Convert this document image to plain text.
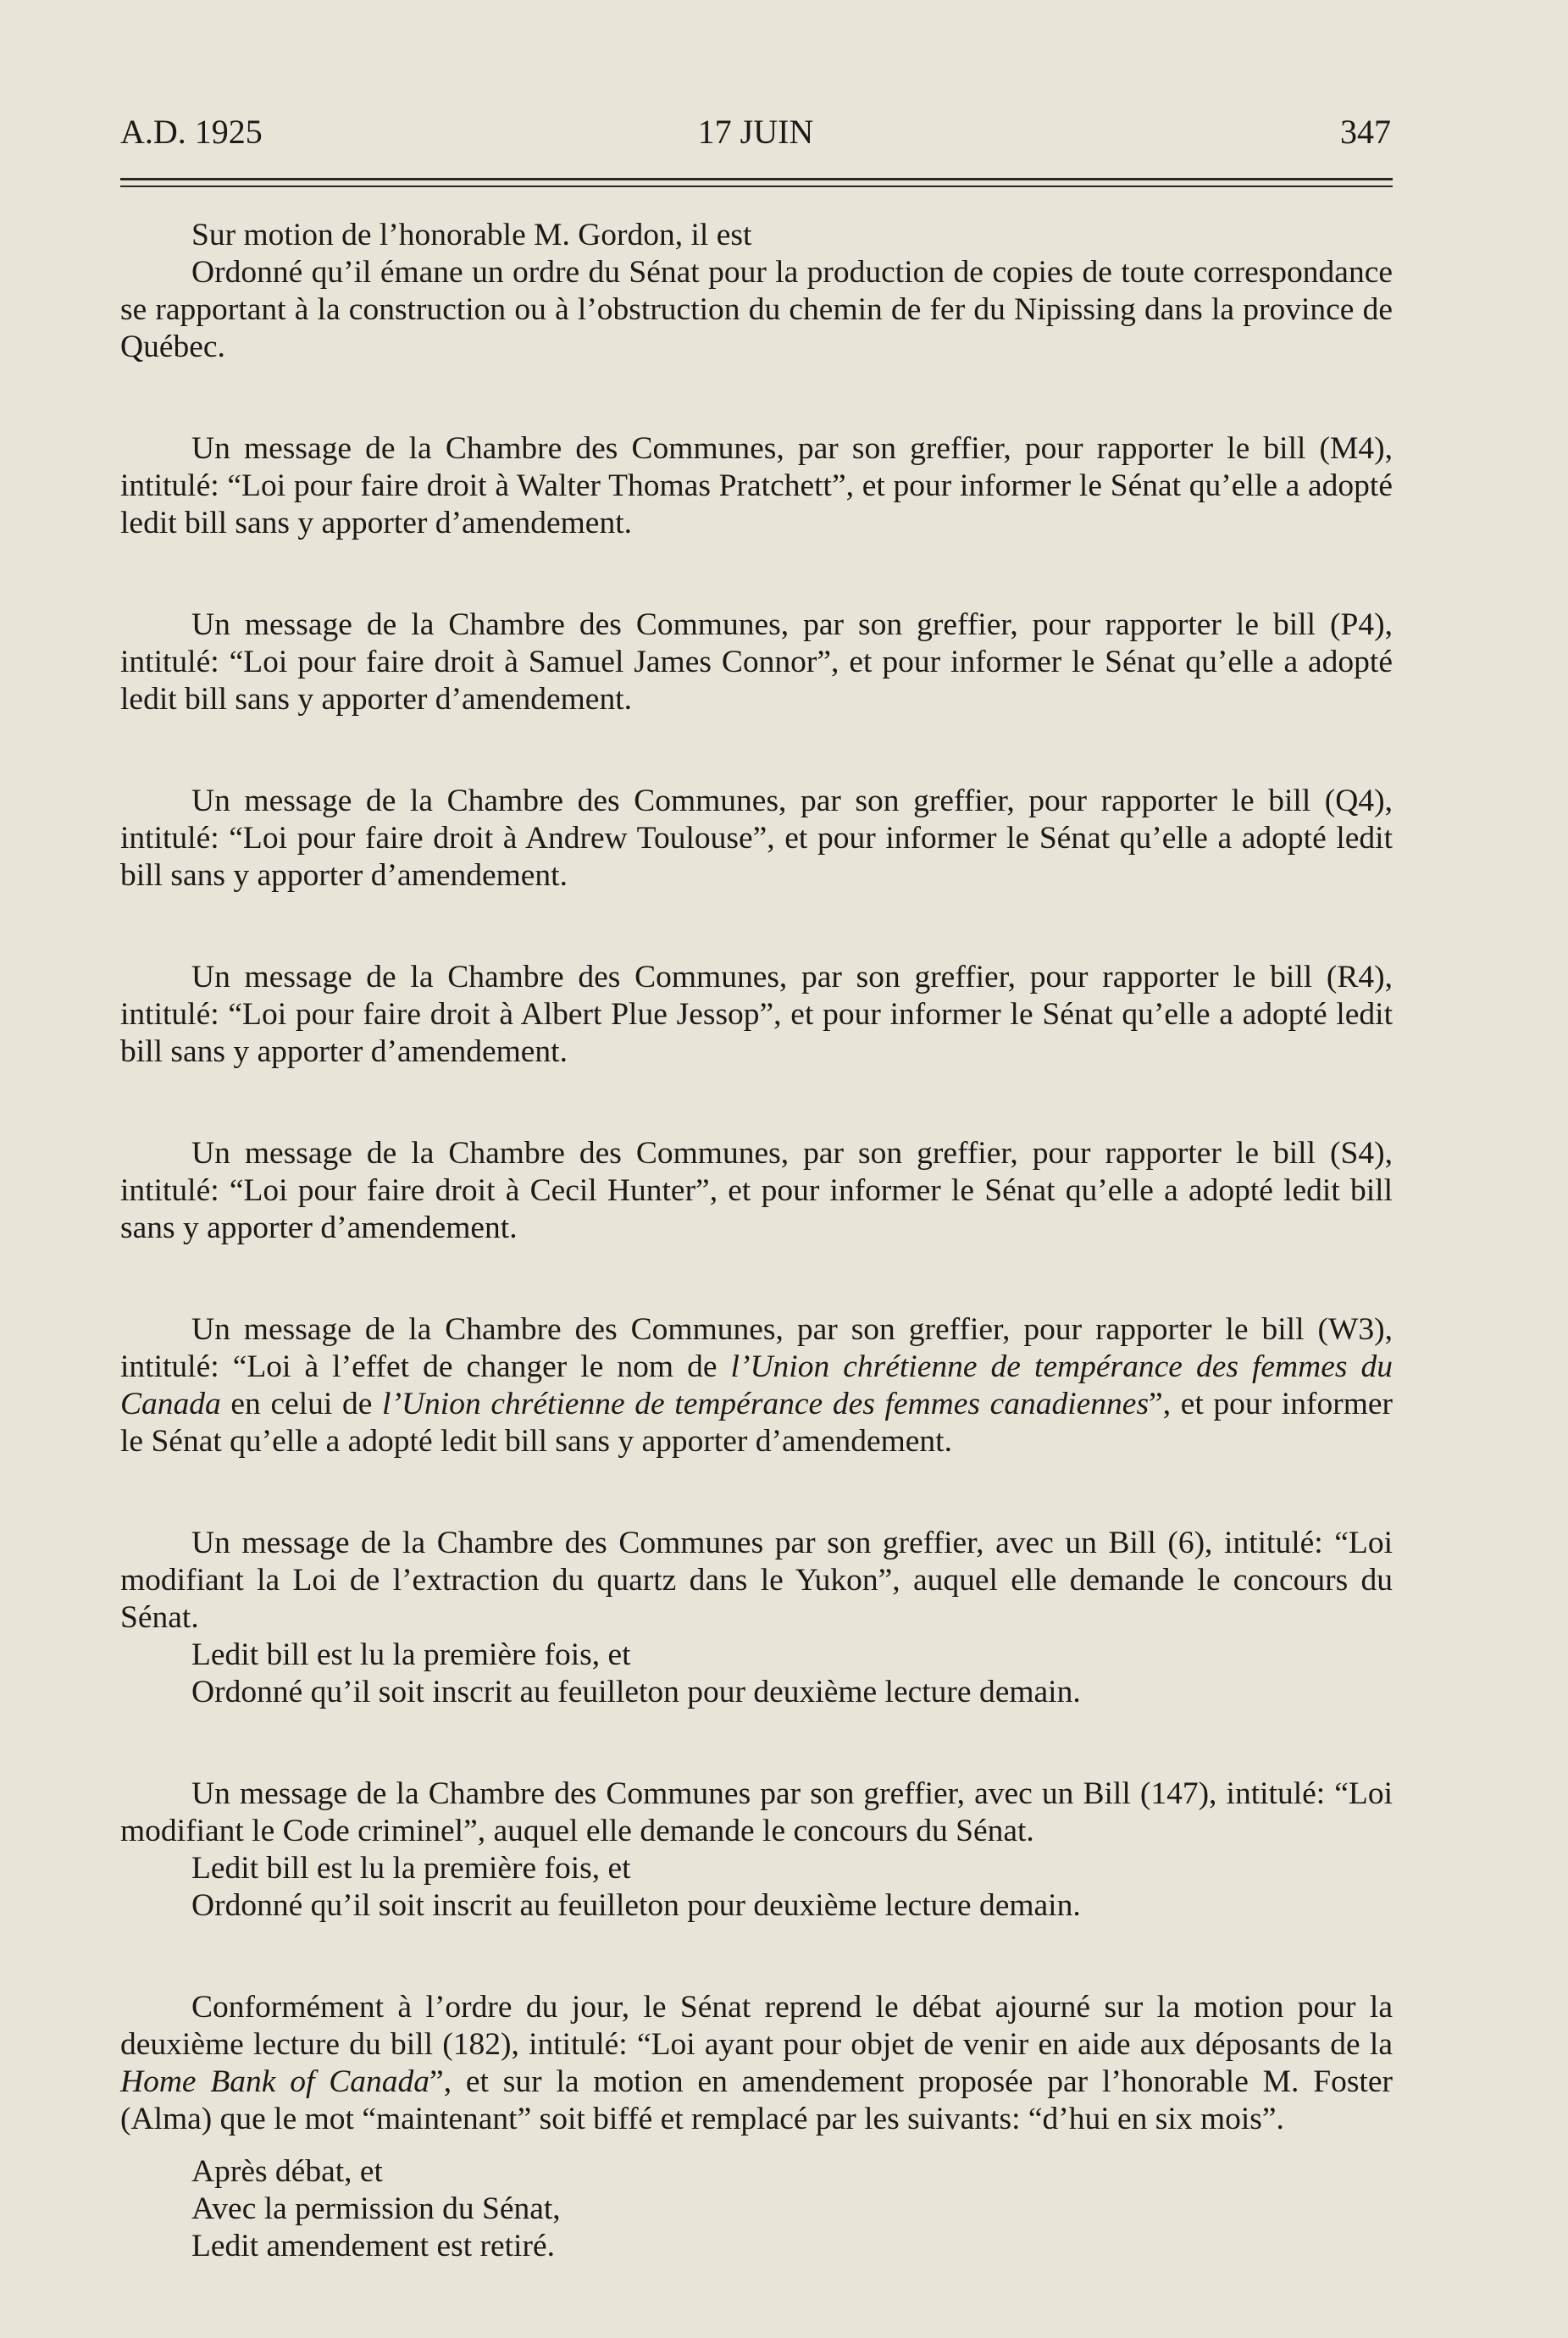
A.D. 1925	17 JUIN	347

Sur motion de l’honorable M. Gordon, il est

Ordonné qu’il émane un ordre du Sénat pour la production de copies de toute correspondance se rapportant à la construction ou à l’obstruction du chemin de fer du Nipissing dans la province de Québec.

Un message de la Chambre des Communes, par son greffier, pour rapporter le bill (M4), intitulé: “Loi pour faire droit à Walter Thomas Pratchett”, et pour informer le Sénat qu’elle a adopté ledit bill sans y apporter d’amendement.

Un message de la Chambre des Communes, par son greffier, pour rapporter le bill (P4), intitulé: “Loi pour faire droit à Samuel James Connor”, et pour informer le Sénat qu’elle a adopté ledit bill sans y apporter d’amendement.

Un message de la Chambre des Communes, par son greffier, pour rapporter le bill (Q4), intitulé: “Loi pour faire droit à Andrew Toulouse”, et pour informer le Sénat qu’elle a adopté ledit bill sans y apporter d’amendement.

Un message de la Chambre des Communes, par son greffier, pour rapporter le bill (R4), intitulé: “Loi pour faire droit à Albert Plue Jessop”, et pour informer le Sénat qu’elle a adopté ledit bill sans y apporter d’amendement.

Un message de la Chambre des Communes, par son greffier, pour rapporter le bill (S4), intitulé: “Loi pour faire droit à Cecil Hunter”, et pour informer le Sénat qu’elle a adopté ledit bill sans y apporter d’amendement.

Un message de la Chambre des Communes, par son greffier, pour rapporter le bill (W3), intitulé: “Loi à l’effet de changer le nom de l’Union chrétienne de tempérance des femmes du Canada en celui de l’Union chrétienne de tempérance des femmes canadiennes”, et pour informer le Sénat qu’elle a adopté ledit bill sans y apporter d’amendement.

Un message de la Chambre des Communes par son greffier, avec un Bill (6), intitulé: “Loi modifiant la Loi de l’extraction du quartz dans le Yukon”, auquel elle demande le concours du Sénat.

Ledit bill est lu la première fois, et

Ordonné qu’il soit inscrit au feuilleton pour deuxième lecture demain.

Un message de la Chambre des Communes par son greffier, avec un Bill (147), intitulé: “Loi modifiant le Code criminel”, auquel elle demande le concours du Sénat.

Ledit bill est lu la première fois, et

Ordonné qu’il soit inscrit au feuilleton pour deuxième lecture demain.

Conformément à l’ordre du jour, le Sénat reprend le débat ajourné sur la motion pour la deuxième lecture du bill (182), intitulé: “Loi ayant pour objet de venir en aide aux déposants de la Home Bank of Canada”, et sur la motion en amendement proposée par l’honorable M. Foster (Alma) que le mot “maintenant” soit biffé et remplacé par les suivants: “d’hui en six mois”.

Après débat, et

Avec la permission du Sénat,

Ledit amendement est retiré.
